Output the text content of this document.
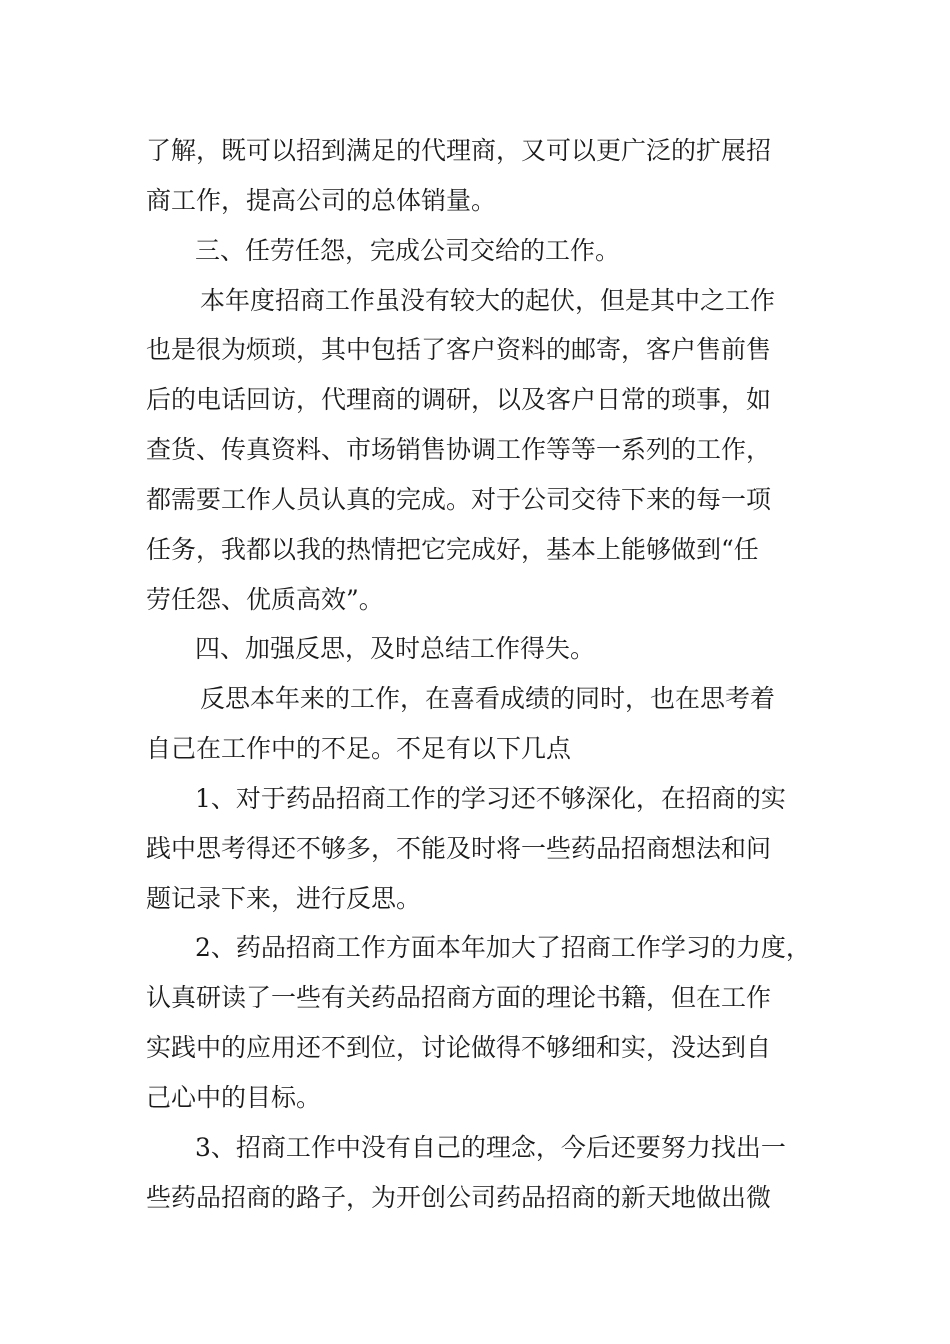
了解，既可以招到满足的代理商，又可以更广泛的扩展招
商工作，提高公司的总体销量。
三、任劳任怨，完成公司交给的工作。
本年度招商工作虽没有较大的起伏，但是其中之工作
也是很为烦琐，其中包括了客户资料的邮寄，客户售前售
后的电话回访，代理商的调研，以及客户日常的琐事，如
查货、传真资料、市场销售协调工作等等一系列的工作，
都需要工作人员认真的完成。对于公司交待下来的每一项
任务，我都以我的热情把它完成好，基本上能够做到“任
劳任怨、优质高效”。
四、加强反思，及时总结工作得失。
反思本年来的工作，在喜看成绩的同时，也在思考着
自己在工作中的不足。不足有以下几点
1、对于药品招商工作的学习还不够深化，在招商的实
践中思考得还不够多，不能及时将一些药品招商想法和问
题记录下来，进行反思。
2、药品招商工作方面本年加大了招商工作学习的力度，
认真研读了一些有关药品招商方面的理论书籍，但在工作
实践中的应用还不到位，讨论做得不够细和实，没达到自
己心中的目标。
3、招商工作中没有自己的理念，今后还要努力找出一
些药品招商的路子，为开创公司药品招商的新天地做出微
